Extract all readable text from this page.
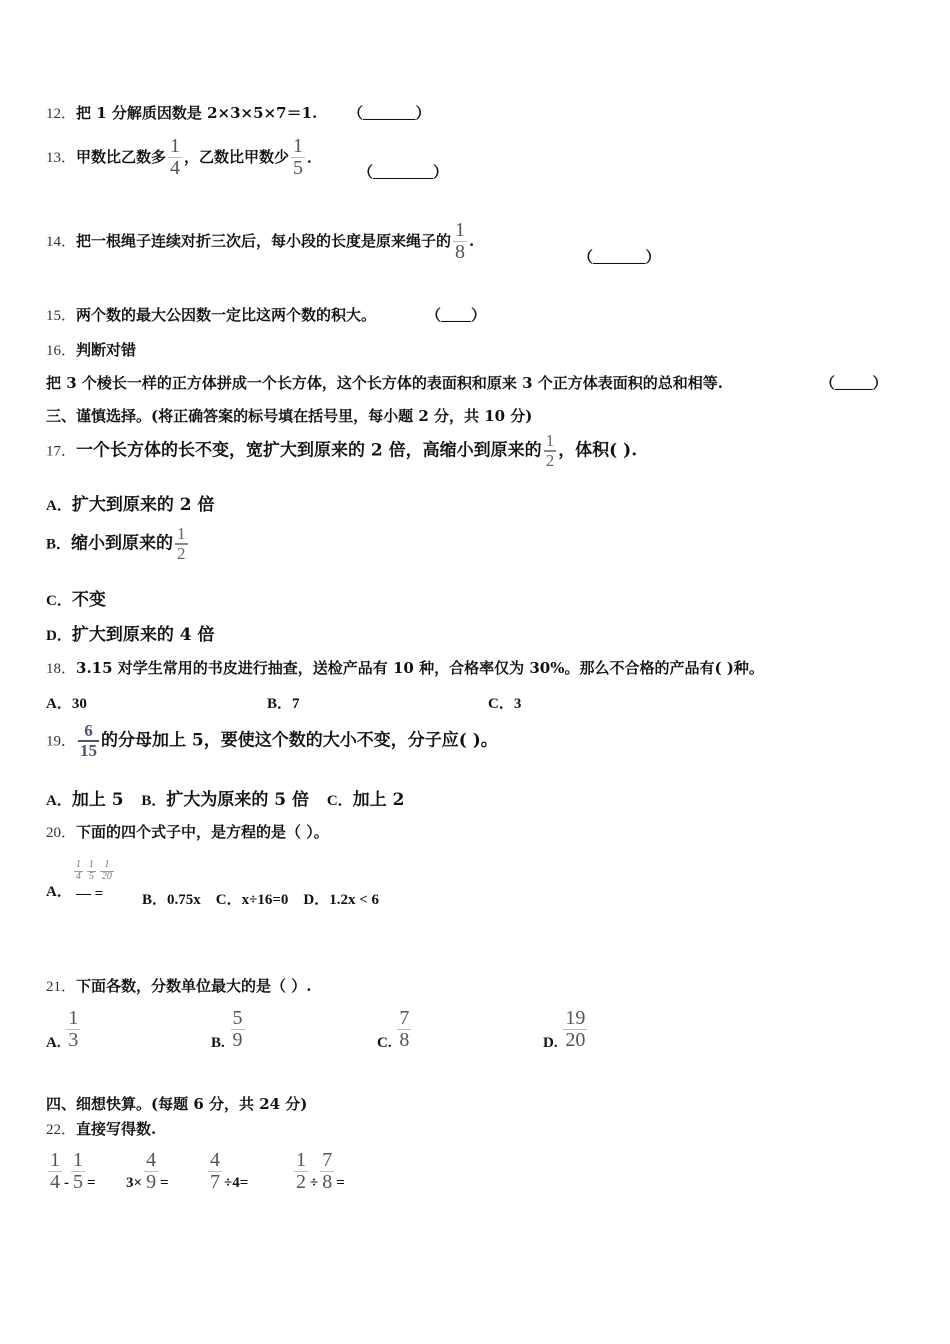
12．把 1 分解质因数是 2×3×5×7＝1. （_______）
13．甲数比乙数多 $\frac{1}{4}$ ，乙数比甲数少 $\frac{1}{5}$ ．
（________）
14．把一根绳子连续对折三次后，每小段的长度是原来绳子的 $\frac{1}{8}$ .
（_______）
15．两个数的最大公因数一定比这两个数的积大。	（____）
16．判断对错
把 3 个棱长一样的正方体拼成一个长方体，这个长方体的表面积和原来 3 个正方体表面积的总和相等.	（_____）
三、谨慎选择。(将正确答案的标号填在括号里，每小题 2 分，共 10 分)
17．一个长方体的长不变，宽扩大到原来的 2 倍，高缩小到原来的 $\frac{1}{2}$ ，体积( ).
A．扩大到原来的 2 倍
B．缩小到原来的 $\frac{1}{2}$
C．不变
D．扩大到原来的 4 倍
18．3.15 对学生常用的书皮进行抽查，送检产品有 10 种，合格率仅为 30%。那么不合格的产品有( )种。
A．30	B．7	C．3
19． $\frac{6}{15}$ 的分母加上 5，要使这个数的大小不变，分子应( )。
A．加上 5 B．扩大为原来的 5 倍 C．加上 2
20．下面的四个式子中，是方程的是（ ）。
A．
$\frac{1}{4} \frac{1}{5} \frac{1}{20}$
— =	B．0.75x C．x÷16=0 D．1.2x < 6
21．下面各数，分数单位最大的是（ ）.
A. $\frac{1}{3}$	B. $\frac{5}{9}$	C. $\frac{7}{8}$	D. $\frac{19}{20}$
四、细想快算。(每题 6 分，共 24 分)
22．直接写得数.
$\frac{1}{4} - \frac{1}{5} = 3\times \frac{4}{9} = \frac{4}{7} \div 4= \frac{1}{2} \div \frac{7}{8}$ =
